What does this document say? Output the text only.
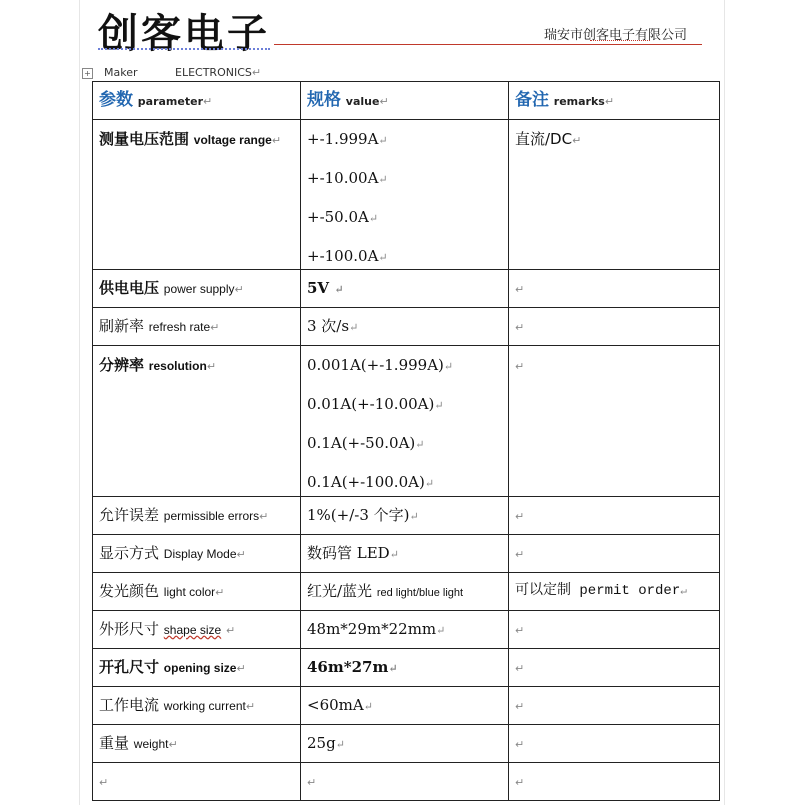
创客电子	瑞安市创客电子有限公司
+ Maker	ELECTRONICS↵
参数 parameter↵	规格 value↵	备注 remarks↵
测量电压范围 voltage range↵	+-1.999A↵
+-10.00A↵
+-50.0A↵
+-100.0A↵	直流/DC↵
供电电压 power supply↵	5V ↵	↵
刷新率 refresh rate↵	3 次/s↵	↵
分辨率 resolution↵	0.001A(+-1.999A)↵
0.01A(+-10.00A)↵
0.1A(+-50.0A)↵
0.1A(+-100.0A)↵	↵
允许误差 permissible errors↵	1%(+/-3 个字)↵	↵
显示方式 Display Mode↵	数码管 LED↵	↵
发光颜色 light color↵	红光/蓝光 red light/blue light	可以定制 permit order↵
外形尺寸 shape size ↵	48m*29m*22mm↵	↵
开孔尺寸 opening size↵	46m*27m↵	↵
工作电流 working current↵	<60mA↵	↵
重量 weight↵	25g↵	↵
↵	↵	↵
